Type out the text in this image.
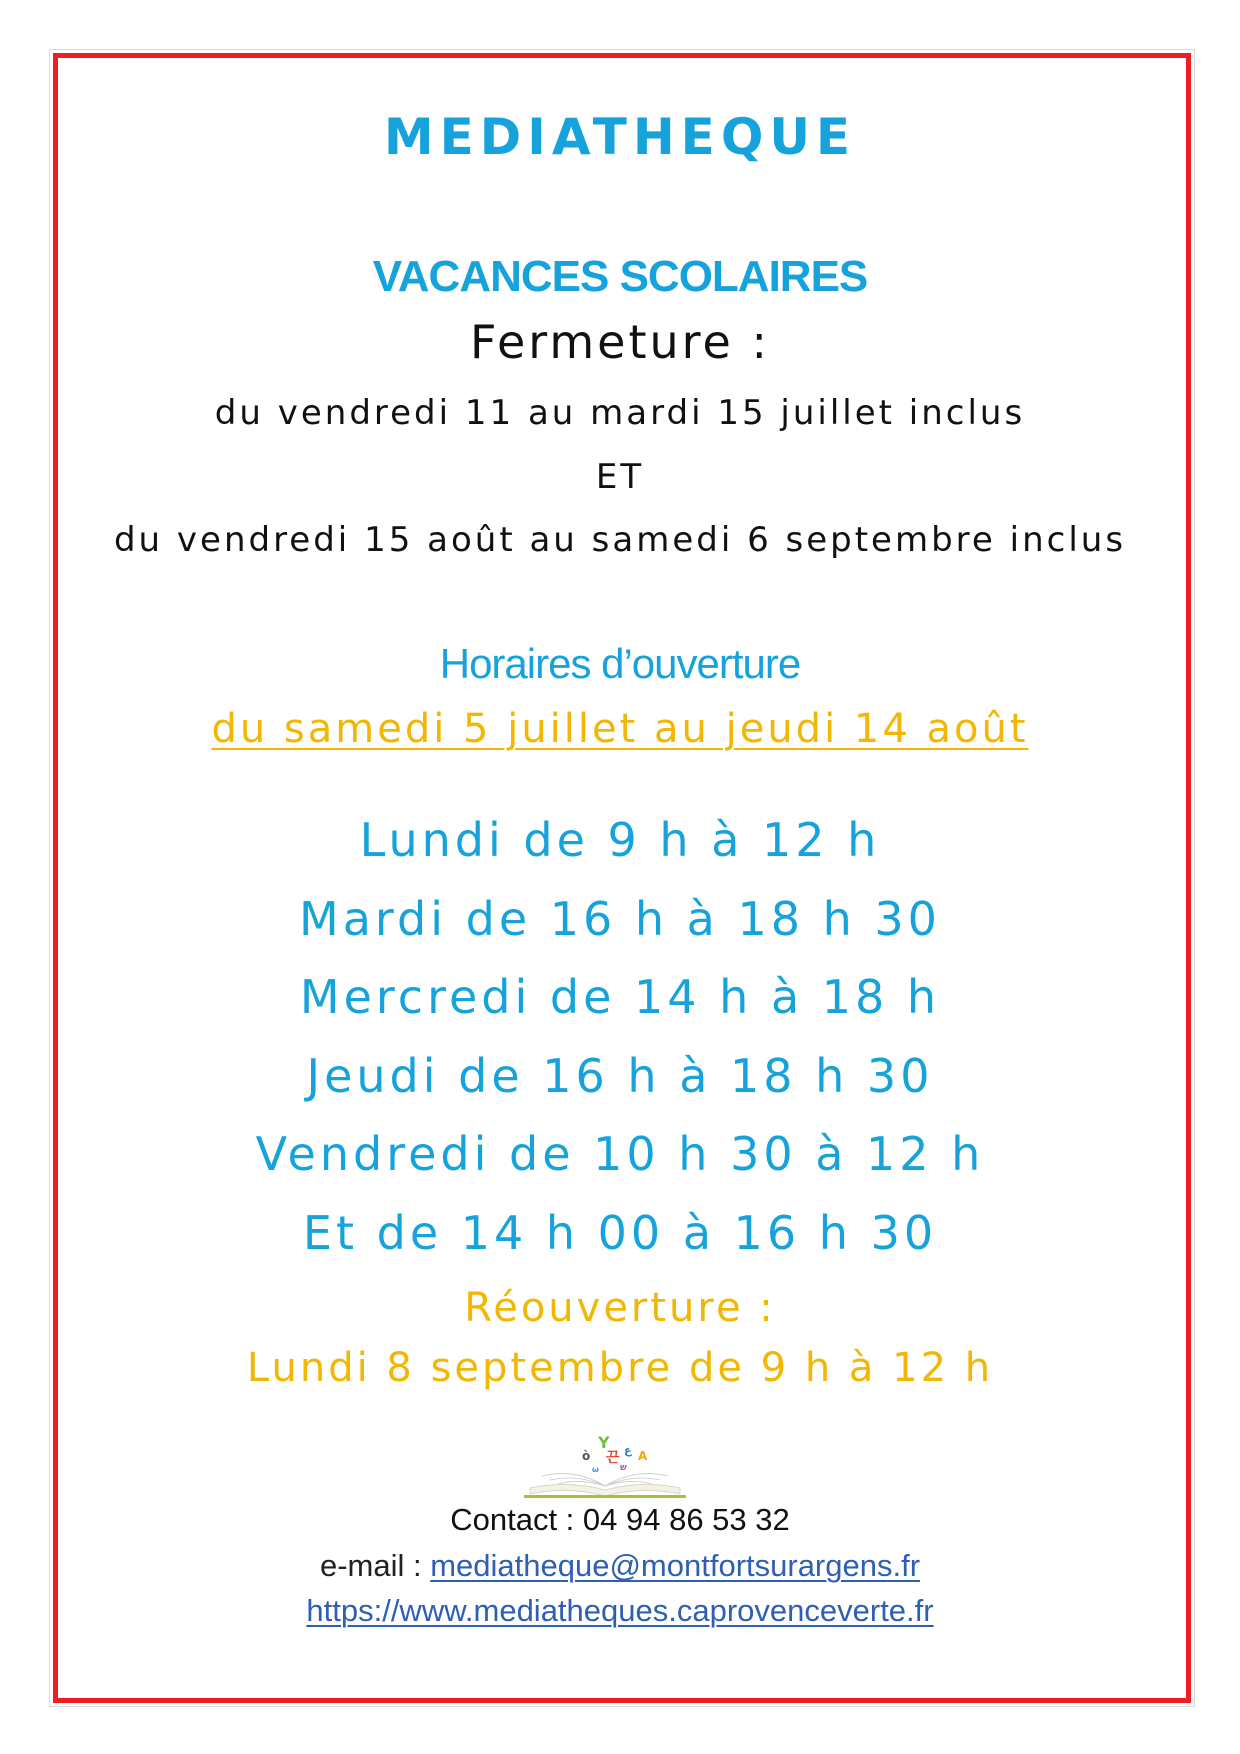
MEDIATHEQUE
VACANCES SCOLAIRES
Fermeture :
du vendredi 11 au mardi 15 juillet inclus
ET
du vendredi 15 août au samedi 6 septembre inclus
Horaires d’ouverture
du samedi 5 juillet au jeudi 14 août
Lundi de 9 h à 12 h
Mardi de 16 h à 18 h 30
Mercredi de 14 h à 18 h
Jeudi de 16 h à 18 h 30
Vendredi de 10 h 30 à 12 h
Et de 14 h 00 à 16 h 30
Réouverture :
Lundi 8 septembre de 9 h à 12 h
Y
ò 끈 ع A
ש
ω
Contact : 04 94 86 53 32
e-mail : mediatheque@montfortsurargens.fr
https://www.mediatheques.caprovenceverte.fr
